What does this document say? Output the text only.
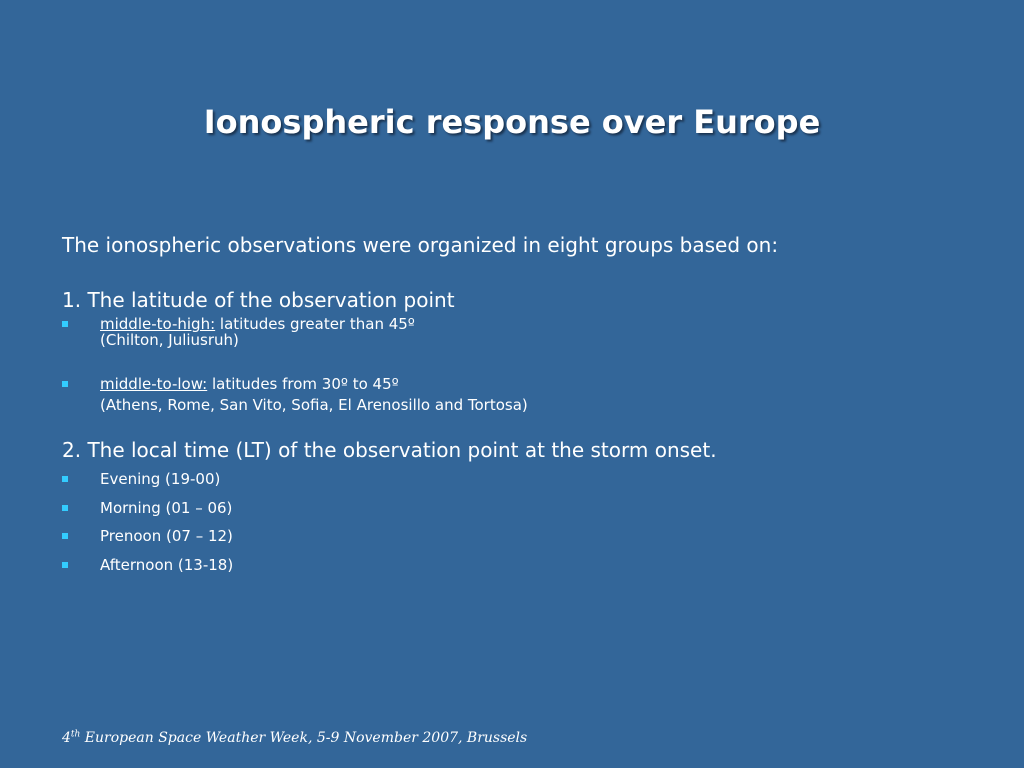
Ionospheric response over Europe
The ionospheric observations were organized in eight groups based on:
1. The latitude of the observation point
middle-to-high: latitudes greater than 45º
(Chilton, Juliusruh)
middle-to-low: latitudes from 30º to 45º
(Athens, Rome, San Vito, Sofia, El Arenosillo and Tortosa)
2. The local time (LT) of the observation point at the storm onset.
Evening (19-00)
Morning (01 – 06)
Prenoon (07 – 12)
Afternoon (13-18)
4th European Space Weather Week, 5-9 November 2007, Brussels
